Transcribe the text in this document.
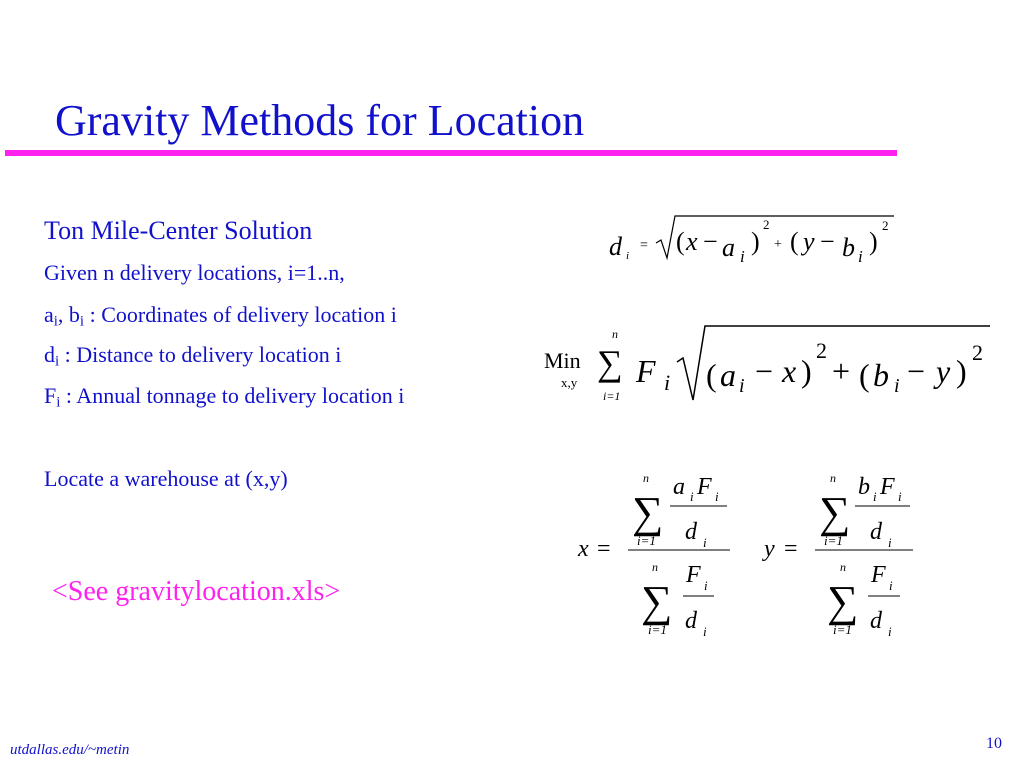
Gravity Methods for Location
Ton Mile-Center Solution
Given n delivery locations, i=1..n,
$a_i$, $b_i$ : Coordinates of delivery location i
$d_i$ : Distance to delivery location i
$F_i$ : Annual tonnage to delivery location i
Locate a warehouse at (x,y)
<See gravitylocation.xls>
utdallas.edu/~metin	10
d i
= ( x − a i
)
2
+ ( y − b i
)
2
Min
x,y
n
∑
i=1
F i ( a i − x )
2
+ ( b i − y )
2
x =
n
∑
i=1
a i F i
d i
n
∑
i=1
F i
d i
y =
n
∑
i=1
b i F i
d i
n
∑
i=1
F i
d i
